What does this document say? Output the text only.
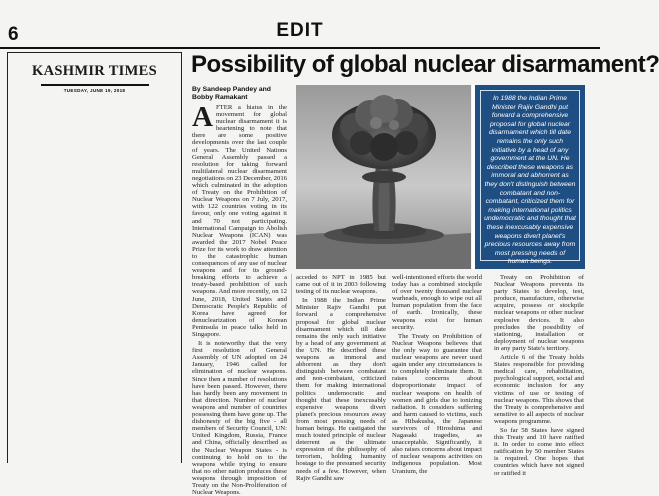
6	EDIT
KASHMIR TIMES
TUESDAY, JUNE 19, 2018
Possibility of global nuclear disarmament?
By Sandeep Pandey and Bobby Ramakant

AFTER a hiatus in the movement for global nuclear disarmament it is heartening to note that there are some positive developments over the last couple of years. The United Nations General Assembly passed a resolution for taking forward multilateral nuclear disarmament negotiations on 23 December, 2016 which culminated in the adoption of Treaty on the Prohibition of Nuclear Weapons on 7 July, 2017, with 122 countries voting in its favour, only one voting against it and 70 not participating. International Campaign to Abolish Nuclear Weapons (ICAN) was awarded the 2017 Nobel Peace Prize for its work to draw attention to the catastrophic human consequences of any use of nuclear weapons and for its ground-breaking efforts to achieve a treaty-based prohibition of such weapons. And more recently, on 12 June, 2018, United States and Democratic People's Republic of Korea have agreed for denuclearization of Korean Peninsula in peace talks held in Singapore.

It is noteworthy that the very first resolution of General Assembly of UN adopted on 24 January, 1946 called for elimination of nuclear weapons. Since then a number of resolutions have been passed. However, there has hardly been any movement in that direction. Number of nuclear weapons and number of countries possessing them have gone up. The dishonesty of the big five - all members of Security Council, UN: United Kingdom, Russia, France and China, officially described as the Nuclear Weapon States - is continuing to hold on to the weapons while trying to ensure that no other nation produces these weapons through imposition of Treaty on the Non-Proliferation of Nuclear Weapons.

In 1988 the Indian Prime Minister Rajiv Gandhi put forward a comprehensive proposal for global nuclear disarmament which till date remains the only such initiative by a head of any government at the UN. He described these weapons as immoral and abhorrent as they don't distinguish between combatant and non-combatant, criticized them for making international politics undemocratic and thought that these inexcusably expensive weapons divert planet's precious resources away from most pressing needs of human beings.

acceded to NPT in 1985 but came out of it in 2003 following testing of its nuclear weapons.

In 1988 the Indian Prime Minister Rajiv Gandhi put forward a comprehensive proposal for global nuclear disarmament which till date remains the only such initiative by a head of any government at the UN. He described these weapons as immoral and abhorrent as they don't distinguish between combatant and non-combatant, criticized them for making international politics undemocratic and thought that these inexcusably expensive weapons divert planet's precious resources away from most pressing needs of human beings. He castigated the much touted principle of nuclear deterrent as the ultimate expression of the philosophy of terrorism, holding humanity hostage to the presumed security needs of a few. However, when Rajiv Gandhi saw

well-intentioned efforts the world today has a combined stockpile of over twenty thousand nuclear warheads, enough to wipe out all human population from the face of earth. Ironically, these weapons exist for human security.

The Treaty on Prohibition of Nuclear Weapons believes that the only way to guarantee that nuclear weapons are never used again under any circumstances is to completely eliminate them. It raises concerns about disproportionate impact of nuclear weapons on health of women and girls due to ionizing radiation. It considers suffering and harm caused to victims, such as Hibakusha, the Japanese survivors of Hiroshima and Nagasaki tragedies, as unacceptable. Significantly, it also raises concerns about impact of nuclear weapons activities on indigenous population. Most Uranium, the

Treaty on Prohibition of Nuclear Weapons prevents its party States to develop, test, produce, manufacture, otherwise acquire, possess or stockpile nuclear weapons or other nuclear explosive devices. It also precludes the possibility of stationing, installation or deployment of nuclear weapons in any party State's territory.

Article 6 of the Treaty holds States responsible for providing medical care, rehabilitation, psychological support, social and economic inclusion for any victims of use or testing of nuclear weapons. This shows that the Treaty is comprehensive and sensitive to all aspects of nuclear weapons programme.

So far 58 States have signed this Treaty and 10 have ratified it. In order to come into effect ratification by 50 member States is required. One hopes that countries which have not signed or ratified it
